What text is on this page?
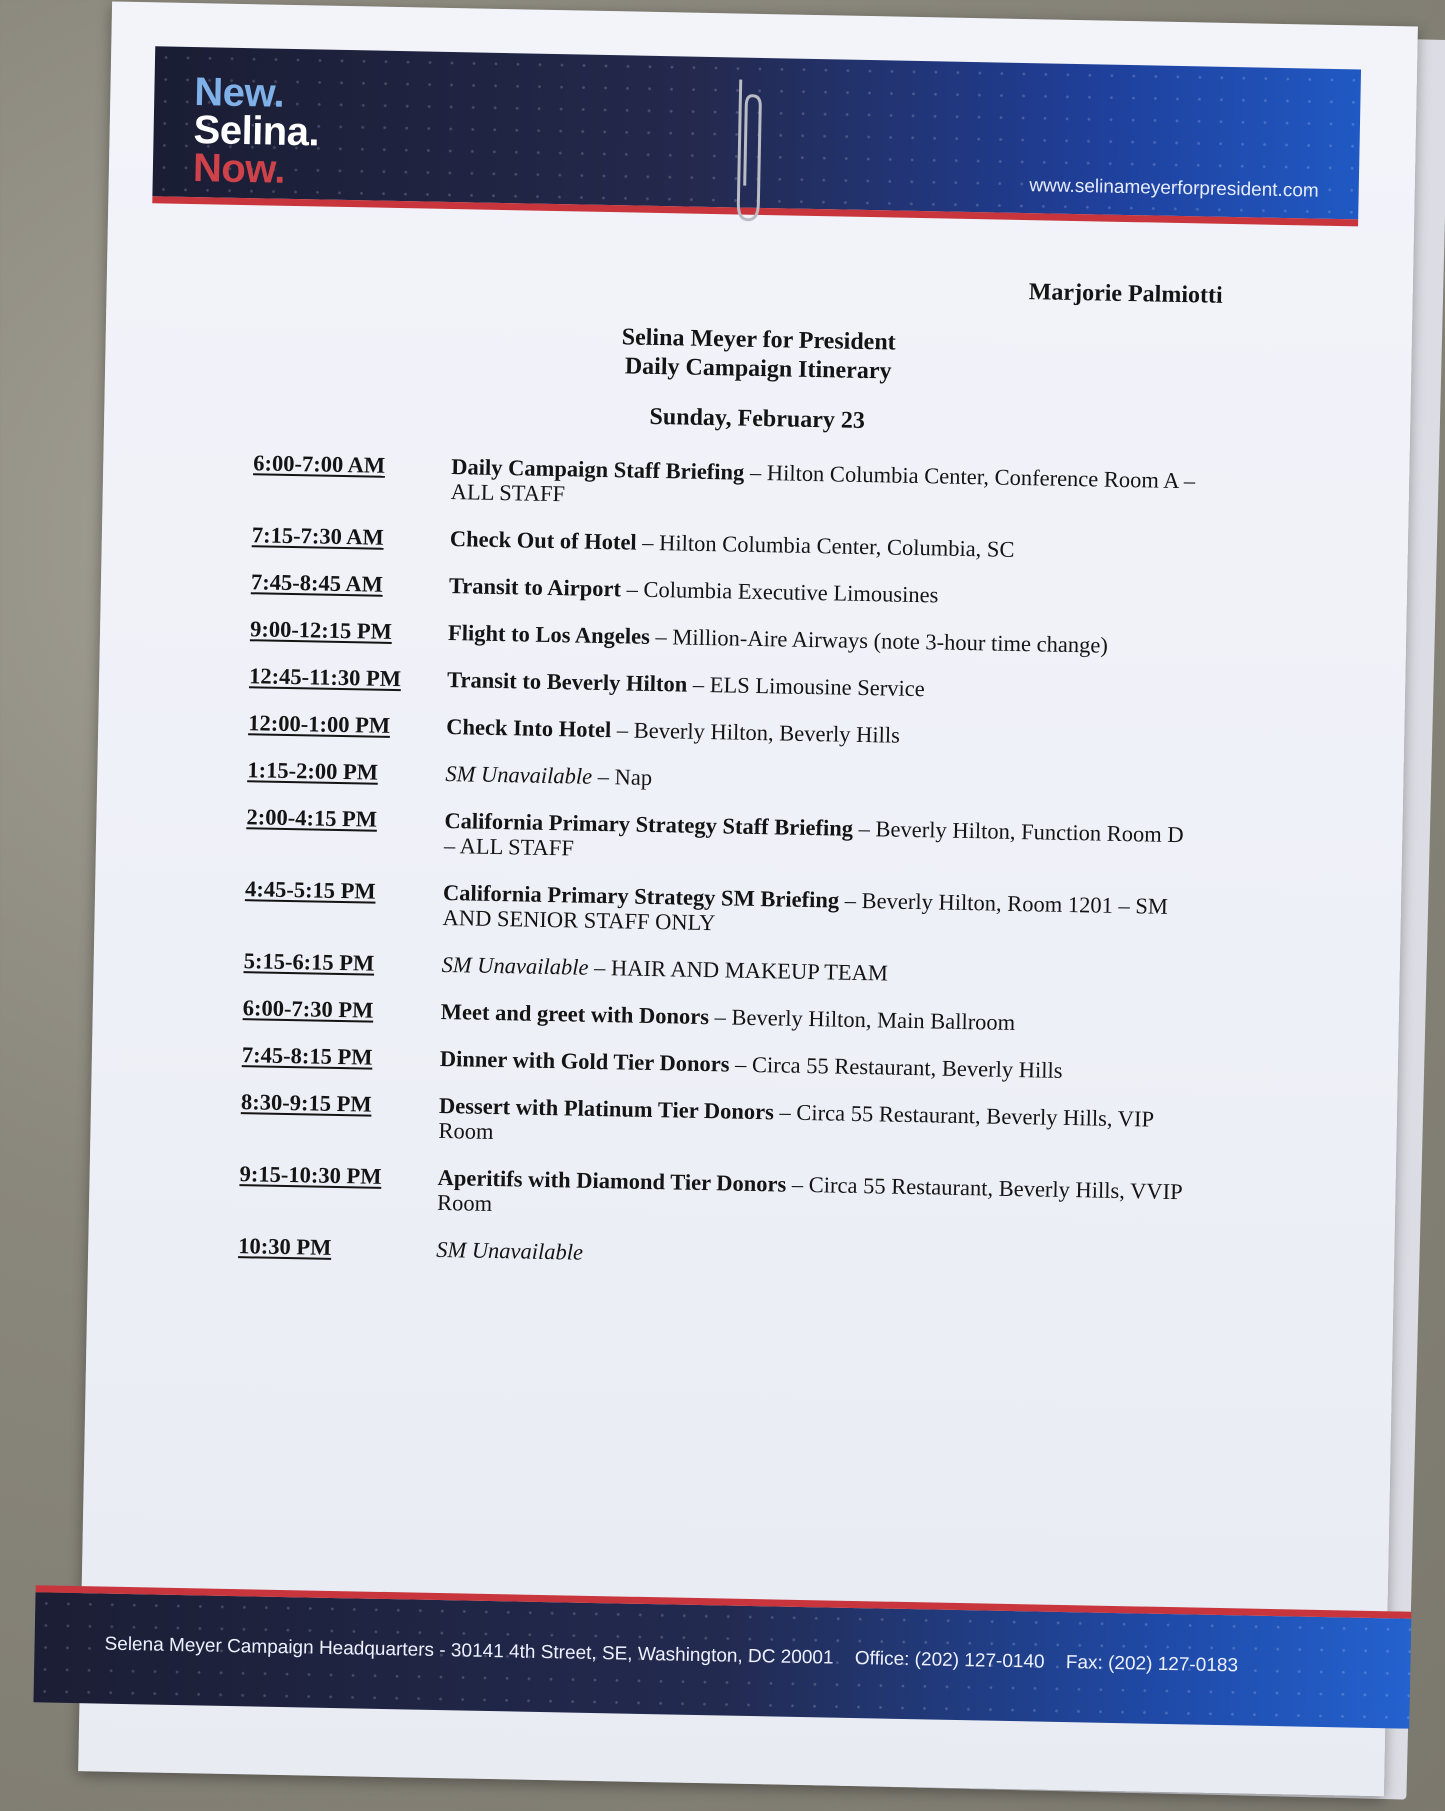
New.
Selina.
Now.	www.selinameyerforpresident.com
Marjorie Palmiotti
Selina Meyer for President
Daily Campaign Itinerary
Sunday, February 23
6:00-7:00 AM	Daily Campaign Staff Briefing – Hilton Columbia Center, Conference Room A – ALL STAFF
7:15-7:30 AM	Check Out of Hotel – Hilton Columbia Center, Columbia, SC
7:45-8:45 AM	Transit to Airport – Columbia Executive Limousines
9:00-12:15 PM	Flight to Los Angeles – Million-Aire Airways (note 3-hour time change)
12:45-11:30 PM	Transit to Beverly Hilton – ELS Limousine Service
12:00-1:00 PM	Check Into Hotel – Beverly Hilton, Beverly Hills
1:15-2:00 PM	SM Unavailable – Nap
2:00-4:15 PM	California Primary Strategy Staff Briefing – Beverly Hilton, Function Room D – ALL STAFF
4:45-5:15 PM	California Primary Strategy SM Briefing – Beverly Hilton, Room 1201 – SM AND SENIOR STAFF ONLY
5:15-6:15 PM	SM Unavailable – HAIR AND MAKEUP TEAM
6:00-7:30 PM	Meet and greet with Donors – Beverly Hilton, Main Ballroom
7:45-8:15 PM	Dinner with Gold Tier Donors – Circa 55 Restaurant, Beverly Hills
8:30-9:15 PM	Dessert with Platinum Tier Donors – Circa 55 Restaurant, Beverly Hills, VIP Room
9:15-10:30 PM	Aperitifs with Diamond Tier Donors – Circa 55 Restaurant, Beverly Hills, VVIP Room
10:30 PM	SM Unavailable
Selena Meyer Campaign Headquarters - 30141 4th Street, SE, Washington, DC 20001 Office: (202) 127-0140 Fax: (202) 127-0183
